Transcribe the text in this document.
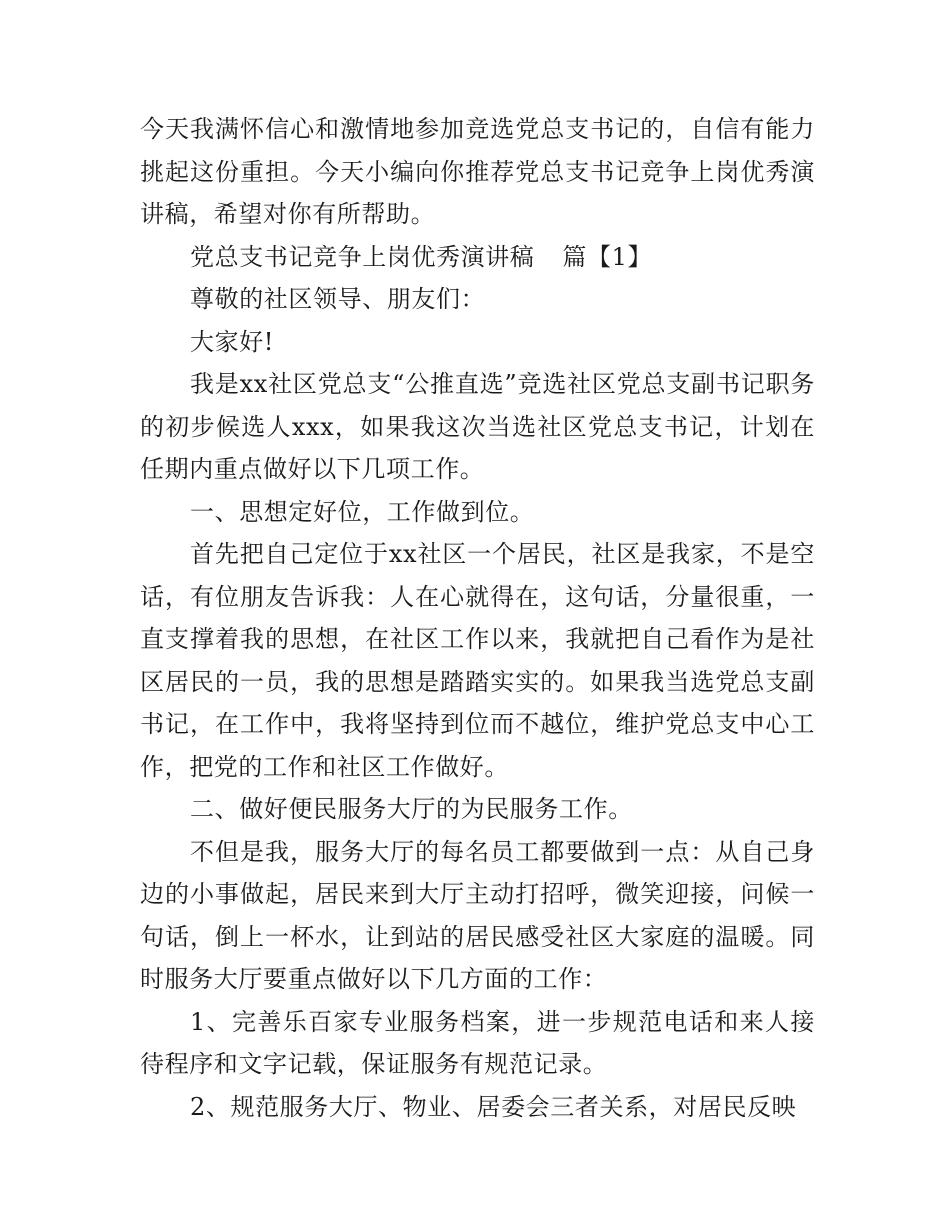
今天我满怀信心和激情地参加竞选党总支书记的，自信有能力挑起这份重担。今天小编向你推荐党总支书记竞争上岗优秀演讲稿，希望对你有所帮助。

党总支书记竞争上岗优秀演讲稿 篇【1】

尊敬的社区领导、朋友们：

大家好!

我是xx社区党总支“公推直选”竞选社区党总支副书记职务的初步候选人xxx，如果我这次当选社区党总支书记，计划在任期内重点做好以下几项工作。

一、思想定好位，工作做到位。

首先把自己定位于xx社区一个居民，社区是我家，不是空话，有位朋友告诉我：人在心就得在，这句话，分量很重，一直支撑着我的思想，在社区工作以来，我就把自己看作为是社区居民的一员，我的思想是踏踏实实的。如果我当选党总支副书记，在工作中，我将坚持到位而不越位，维护党总支中心工作，把党的工作和社区工作做好。

二、做好便民服务大厅的为民服务工作。

不但是我，服务大厅的每名员工都要做到一点：从自己身边的小事做起，居民来到大厅主动打招呼，微笑迎接，问候一句话，倒上一杯水，让到站的居民感受社区大家庭的温暖。同时服务大厅要重点做好以下几方面的工作：

1、完善乐百家专业服务档案，进一步规范电话和来人接待程序和文字记载，保证服务有规范记录。

2、规范服务大厅、物业、居委会三者关系，对居民反映
